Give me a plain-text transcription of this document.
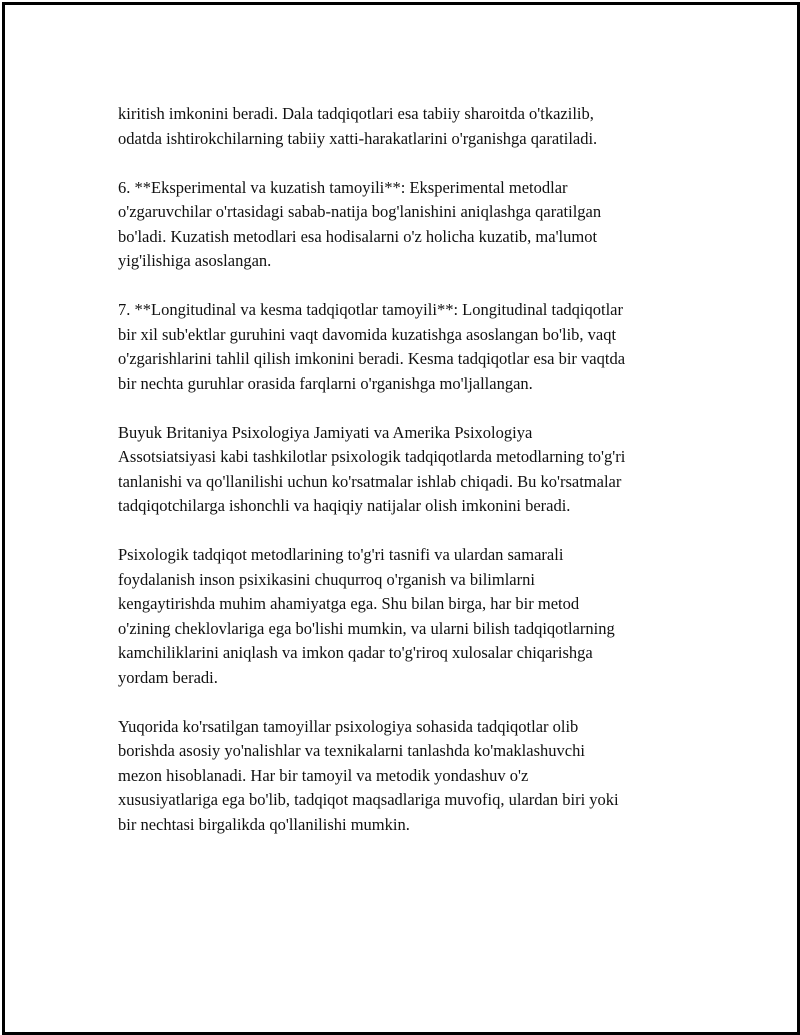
kiritish imkonini beradi. Dala tadqiqotlari esa tabiiy sharoitda o'tkazilib,
odatda ishtirokchilarning tabiiy xatti-harakatlarini o'rganishga qaratiladi.

6. **Eksperimental va kuzatish tamoyili**: Eksperimental metodlar
o'zgaruvchilar o'rtasidagi sabab-natija bog'lanishini aniqlashga qaratilgan
bo'ladi. Kuzatish metodlari esa hodisalarni o'z holicha kuzatib, ma'lumot
yig'ilishiga asoslangan.

7. **Longitudinal va kesma tadqiqotlar tamoyili**: Longitudinal tadqiqotlar
bir xil sub'ektlar guruhini vaqt davomida kuzatishga asoslangan bo'lib, vaqt
o'zgarishlarini tahlil qilish imkonini beradi. Kesma tadqiqotlar esa bir vaqtda
bir nechta guruhlar orasida farqlarni o'rganishga mo'ljallangan.

Buyuk Britaniya Psixologiya Jamiyati va Amerika Psixologiya
Assotsiatsiyasi kabi tashkilotlar psixologik tadqiqotlarda metodlarning to'g'ri
tanlanishi va qo'llanilishi uchun ko'rsatmalar ishlab chiqadi. Bu ko'rsatmalar
tadqiqotchilarga ishonchli va haqiqiy natijalar olish imkonini beradi.

Psixologik tadqiqot metodlarining to'g'ri tasnifi va ulardan samarali
foydalanish inson psixikasini chuqurroq o'rganish va bilimlarni
kengaytirishda muhim ahamiyatga ega. Shu bilan birga, har bir metod
o'zining cheklovlariga ega bo'lishi mumkin, va ularni bilish tadqiqotlarning
kamchiliklarini aniqlash va imkon qadar to'g'riroq xulosalar chiqarishga
yordam beradi.

Yuqorida ko'rsatilgan tamoyillar psixologiya sohasida tadqiqotlar olib
borishda asosiy yo'nalishlar va texnikalarni tanlashda ko'maklashuvchi
mezon hisoblanadi. Har bir tamoyil va metodik yondashuv o'z
xususiyatlariga ega bo'lib, tadqiqot maqsadlariga muvofiq, ulardan biri yoki
bir nechtasi birgalikda qo'llanilishi mumkin.
